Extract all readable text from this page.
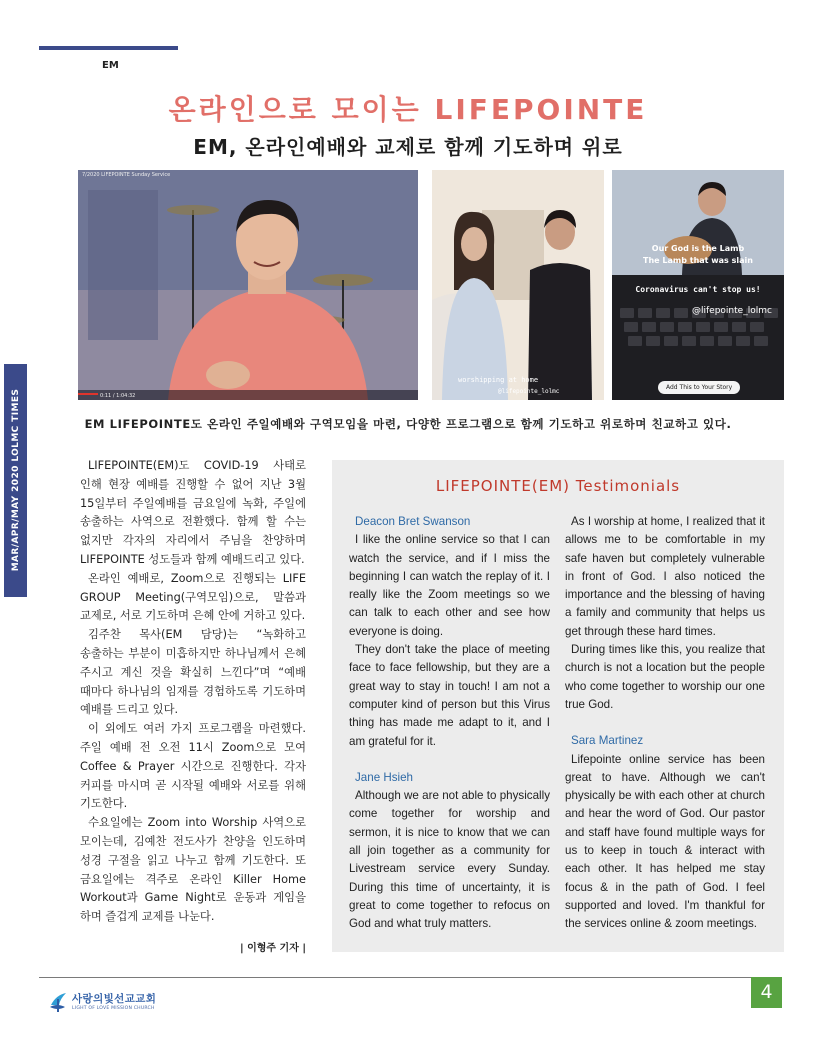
EM
온라인으로 모이는 LIFEPOINTE
EM, 온라인예배와 교제로 함께 기도하며 위로
7/2020 LIFEPOINTE Sunday Service
0:11 / 1:04:32
worshipping at home
@lifepointe_lolmc
Our God is the Lamb
The Lamb that was slain
Coronavirus can't stop us!
@lifepointe_lolmc
Add This to Your Story
EM LIFEPOINTE도 온라인 주일예배와 구역모임을 마련, 다양한 프로그램으로 함께 기도하고 위로하며 친교하고 있다.
MAR/APR/MAY 2020 LOLMC TIMES	LIFEPOINTE(EM)도 COVID-19 사태로 인해 현장 예배를 진행할 수 없어 지난 3월 15일부터 주일예배를 금요일에 녹화, 주일에 송출하는 사역으로 전환했다. 함께 할 수는 없지만 각자의 자리에서 주님을 찬양하며 LIFEPOINTE 성도들과 함께 예배드리고 있다.

온라인 예배로, Zoom으로 진행되는 LIFE GROUP Meeting(구역모임)으로, 말씀과 교제로, 서로 기도하며 은혜 안에 거하고 있다.

김주찬 목사(EM 담당)는 “녹화하고 송출하는 부분이 미흡하지만 하나님께서 은혜 주시고 계신 것을 확실히 느낀다”며 “예배 때마다 하나님의 임재를 경험하도록 기도하며 예배를 드리고 있다.

이 외에도 여러 가지 프로그램을 마련했다. 주일 예배 전 오전 11시 Zoom으로 모여 Coffee & Prayer 시간으로 진행한다. 각자 커피를 마시며 곧 시작될 예배와 서로를 위해 기도한다.

수요일에는 Zoom into Worship 사역으로 모이는데, 김예찬 전도사가 찬양을 인도하며 성경 구절을 읽고 나누고 함께 기도한다. 또 금요일에는 격주로 온라인 Killer Home Workout과 Game Night로 운동과 게임을 하며 즐겁게 교제를 나눈다.

| 이형주 기자 |
LIFEPOINTE(EM) Testimonials
Deacon Bret Swanson

I like the online service so that I can watch the service, and if I miss the beginning I can watch the replay of it. I really like the Zoom meetings so we can talk to each other and see how everyone is doing.

They don't take the place of meeting face to face fellowship, but they are a great way to stay in touch! I am not a computer kind of person but this Virus thing has made me adapt to it, and I am grateful for it.

Jane Hsieh

Although we are not able to physically come together for worship and sermon, it is nice to know that we can all join together as a community for Livestream service every Sunday. During this time of uncertainty, it is great to come together to refocus on God and what truly matters.

As I worship at home, I realized that it allows me to be comfortable in my safe haven but completely vulnerable in front of God. I also noticed the importance and the blessing of having a family and community that helps us get through these hard times.

During times like this, you realize that church is not a location but the people who come together to worship our one true God.

Sara Martinez

Lifepointe online service has been great to have. Although we can't physically be with each other at church and hear the word of God. Our pastor and staff have found multiple ways for us to keep in touch & interact with each other. It has helped me stay focus & in the path of God. I feel supported and loved. I'm thankful for the services online & zoom meetings.

사랑의빛선교교회
LIGHT OF LOVE MISSION CHURCH
4
